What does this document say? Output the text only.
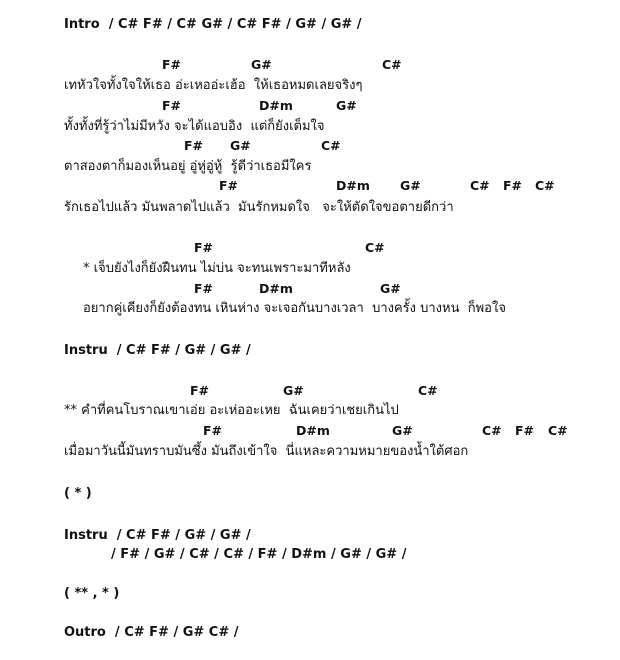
Intro  / C# F# / C# G# / C# F# / G# / G# /
F#	G#	C#
เทหัวใจทั้งใจให้เธอ อ่ะเหออ่ะเฮ้อ  ให้เธอหมดเลยจริงๆ
F#	D#m	G#
ทั้งทั้งที่รู้ว่าไม่มีหวัง จะได้แอบอิง  แต่ก็ยังเต็มใจ
F# G#	C#
ตาสองตาก็มองเห็นอยู่ อู่หู่อู่หู้  รู้ดีว่าเธอมีใคร
F#	D#m G#	C# F# C#
รักเธอไปแล้ว มันพลาดไปแล้ว  มันรักหมดใจ   จะให้ตัดใจขอตายดีกว่า
F#	C#
* เจ็บยังไงก็ยังฝืนทน ไม่บ่น จะทนเพราะมาทีหลัง
F#	D#m	G#
อยากคู่เคียงก็ยังต้องทน เหินห่าง จะเจอกันบางเวลา  บางครั้ง บางหน  ก็พอใจ
Instru  / C# F# / G# / G# /
F#	G#	C#
** คำที่คนโบราณเขาเอ่ย อะเห่ออะเหย  ฉันเคยว่าเชยเกินไป
F#	D#m	G#	C# F# C#
เมื่อมาวันนี้มันทราบมันซึ้ง มันถึงเข้าใจ  นี่แหละความหมายของน้ำใต้ศอก
( * )
Instru  / C# F# / G# / G# /
/ F# / G# / C# / C# / F# / D#m / G# / G# /
( ** , * )
Outro  / C# F# / G# C# /
